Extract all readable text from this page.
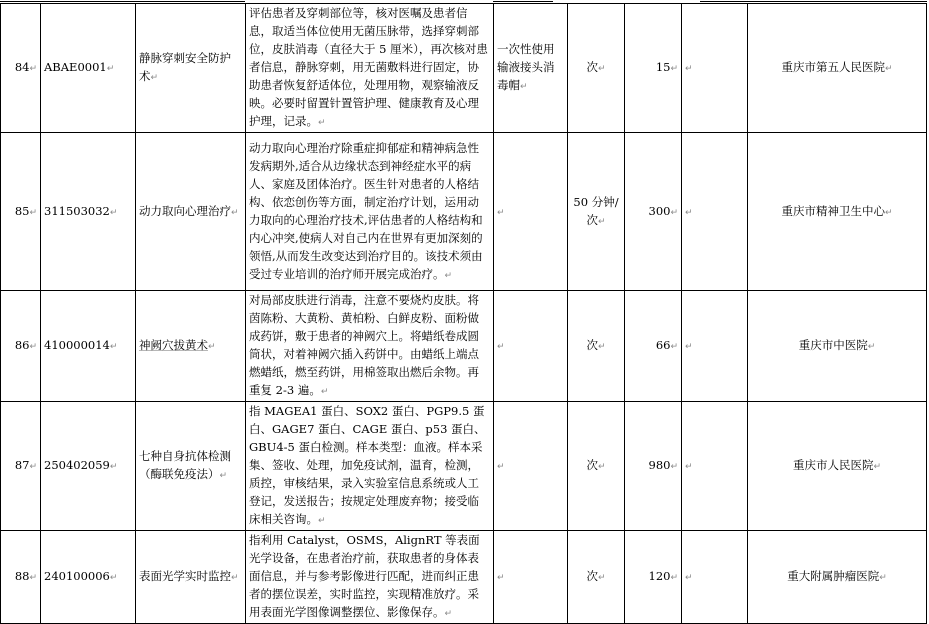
84↵	ABAE0001↵	静脉穿刺安全防护术↵	评估患者及穿刺部位等，核对医嘱及患者信息，取适当体位使用无菌压脉带，选择穿刺部位，皮肤消毒（直径大于 5 厘米），再次核对患者信息，静脉穿刺，用无菌敷料进行固定，协助患者恢复舒适体位，处理用物，观察输液反映。必要时留置针置管护理、健康教育及心理护理，记录。↵	一次性使用输液接头消毒帽↵	次↵	15↵	↵	重庆市第五人民医院↵
85↵	311503032↵	动力取向心理治疗↵	动力取向心理治疗除重症抑郁症和精神病急性发病期外,适合从边缘状态到神经症水平的病人、家庭及团体治疗。医生针对患者的人格结构、依恋创伤等方面，制定治疗计划，运用动力取向的心理治疗技术,评估患者的人格结构和内心冲突,使病人对自己内在世界有更加深刻的领悟,从而发生改变达到治疗目的。该技术须由受过专业培训的治疗师开展完成治疗。↵	↵	50 分钟/次↵	300↵	↵	重庆市精神卫生中心↵
86↵	410000014↵	神阙穴拔黄术↵	对局部皮肤进行消毒，注意不要烧灼皮肤。将茵陈粉、大黄粉、黄柏粉、白鲜皮粉、面粉做成药饼，敷于患者的神阙穴上。将蜡纸卷成圆筒状，对着神阙穴插入药饼中。由蜡纸上端点燃蜡纸，燃至药饼，用棉签取出燃后余物。再重复 2-3 遍。↵	↵	次↵	66↵	↵	重庆市中医院↵
87↵	250402059↵	七种自身抗体检测（酶联免疫法）↵	指 MAGEA1 蛋白、SOX2 蛋白、PGP9.5 蛋白、GAGE7 蛋白、CAGE 蛋白、p53 蛋白、GBU4-5 蛋白检测。样本类型：血液。样本采集、签收、处理，加免疫试剂，温育，检测，质控，审核结果，录入实验室信息系统或人工登记，发送报告；按规定处理废弃物；接受临床相关咨询。↵	↵	次↵	980↵	↵	重庆市人民医院↵
88↵	240100006↵	表面光学实时监控↵	指利用 Catalyst，OSMS，AlignRT 等表面光学设备，在患者治疗前，获取患者的身体表面信息，并与参考影像进行匹配，进而纠正患者的摆位误差，实时监控，实现精准放疗。采用表面光学图像调整摆位、影像保存。↵	↵	次↵	120↵	↵	重大附属肿瘤医院↵
